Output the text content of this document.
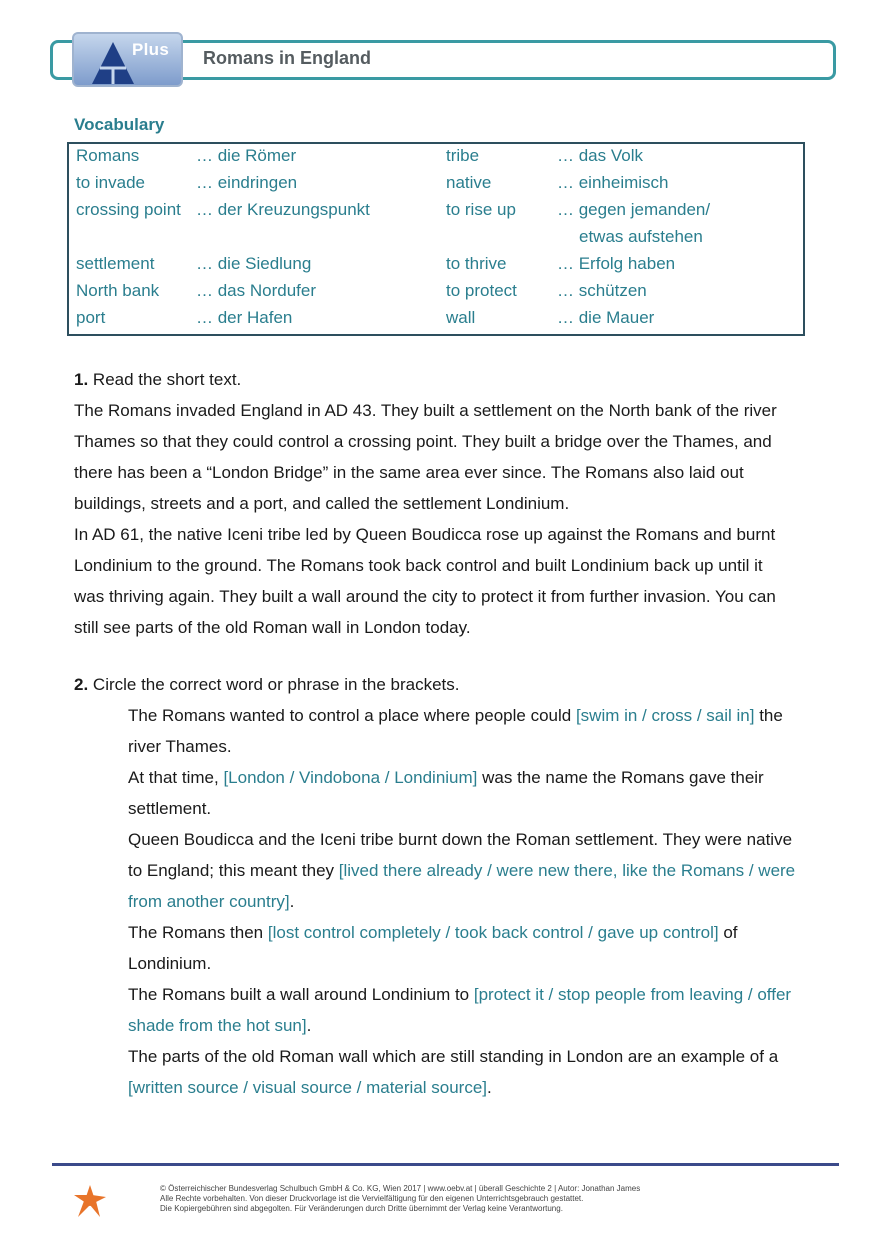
Plus Romans in England
Vocabulary
Romans	… die Römer	tribe	… das Volk
to invade	… eindringen	native	… einheimisch
crossing point … der Kreuzungspunkt	to rise up … gegen jemanden/
etwas aufstehen
settlement … die Siedlung	to thrive	… Erfolg haben
North bank … das Nordufer	to protect … schützen
port	… der Hafen	wall	… die Mauer
1. Read the short text.
The Romans invaded England in AD 43. They built a settlement on the North bank of the river
Thames so that they could control a crossing point. They built a bridge over the Thames, and
there has been a “London Bridge” in the same area ever since. The Romans also laid out
buildings, streets and a port, and called the settlement Londinium.
In AD 61, the native Iceni tribe led by Queen Boudicca rose up against the Romans and burnt
Londinium to the ground. The Romans took back control and built Londinium back up until it
was thriving again. They built a wall around the city to protect it from further invasion. You can
still see parts of the old Roman wall in London today.
2. Circle the correct word or phrase in the brackets.
The Romans wanted to control a place where people could [swim in / cross / sail in] the
river Thames.
At that time, [London / Vindobona / Londinium] was the name the Romans gave their
settlement.
Queen Boudicca and the Iceni tribe burnt down the Roman settlement. They were native
to England; this meant they [lived there already / were new there, like the Romans / were
from another country].
The Romans then [lost control completely / took back control / gave up control] of
Londinium.
The Romans built a wall around Londinium to [protect it / stop people from leaving / offer
shade from the hot sun].
The parts of the old Roman wall which are still standing in London are an example of a
[written source / visual source / material source].
© Österreichischer Bundesverlag Schulbuch GmbH & Co. KG, Wien 2017 | www.oebv.at | überall Geschichte 2 | Autor: Jonathan James
Alle Rechte vorbehalten. Von dieser Druckvorlage ist die Vervielfältigung für den eigenen Unterrichtsgebrauch gestattet.
Die Kopiergebühren sind abgegolten. Für Veränderungen durch Dritte übernimmt der Verlag keine Verantwortung.
